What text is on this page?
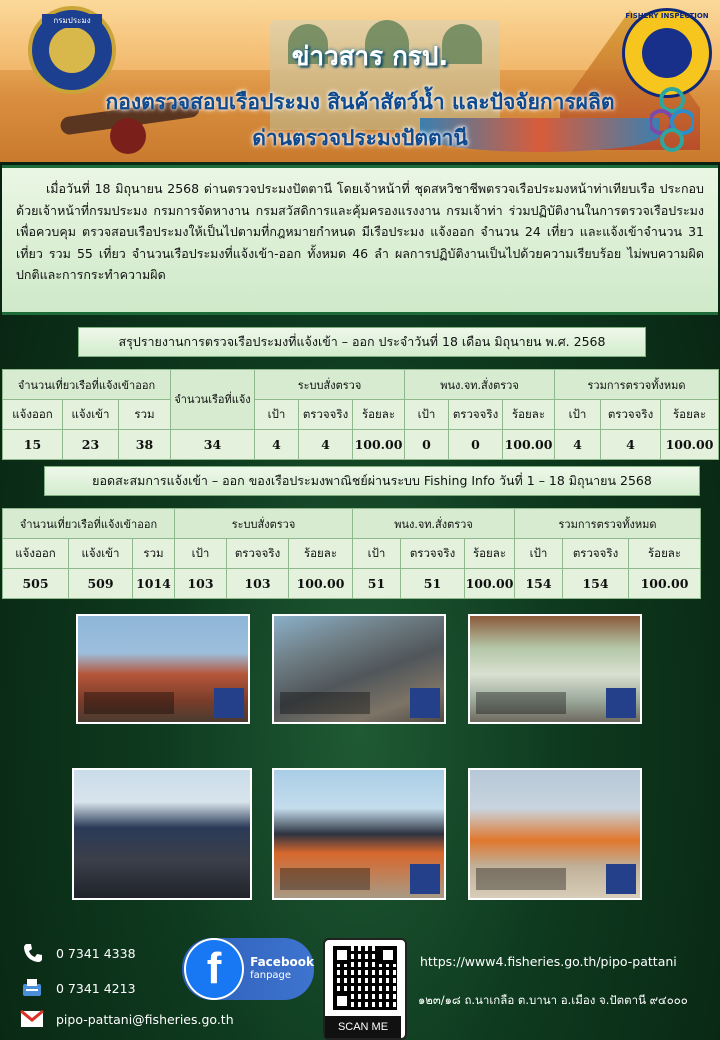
กรมประมง	FISHERY INSPECTION
ข่าวสาร กรป.
กองตรวจสอบเรือประมง สินค้าสัตว์น้ำ และปัจจัยการผลิต
ด่านตรวจประมงปัตตานี
เมื่อวันที่ 18 มิถุนายน 2568 ด่านตรวจประมงปัตตานี โดยเจ้าหน้าที่ ชุดสหวิชาชีพตรวจเรือประมงหน้าท่าเทียบเรือ ประกอบด้วยเจ้าหน้าที่กรมประมง กรมการจัดหางาน กรมสวัสดิการและคุ้มครองแรงงาน กรมเจ้าท่า ร่วมปฏิบัติงานในการตรวจเรือประมง เพื่อควบคุม ตรวจสอบเรือประมงให้เป็นไปตามที่กฎหมายกำหนด มีเรือประมง แจ้งออก จำนวน 24 เที่ยว และแจ้งเข้าจำนวน 31 เที่ยว รวม 55 เที่ยว จำนวนเรือประมงที่แจ้งเข้า-ออก ทั้งหมด 46 ลำ ผลการปฏิบัติงานเป็นไปด้วยความเรียบร้อย ไม่พบความผิดปกติและการกระทำความผิด
สรุปรายงานการตรวจเรือประมงที่แจ้งเข้า – ออก ประจำวันที่ 18 เดือน มิถุนายน พ.ศ. 2568
จำนวนเที่ยวเรือที่แจ้งเข้าออก			จำนวนเรือที่แจ้ง	ระบบสั่งตรวจ			พนง.จท.สั่งตรวจ			รวมการตรวจทั้งหมด		
แจ้งออก	แจ้งเข้า	รวม		เป้า	ตรวจจริง	ร้อยละ	เป้า	ตรวจจริง	ร้อยละ	เป้า	ตรวจจริง	ร้อยละ
15	23	38	34	4	4	100.00	0	0	100.00	4	4	100.00
ยอดสะสมการแจ้งเข้า – ออก ของเรือประมงพาณิชย์ผ่านระบบ Fishing Info วันที่ 1 – 18 มิถุนายน 2568
จำนวนเที่ยวเรือที่แจ้งเข้าออก			ระบบสั่งตรวจ			พนง.จท.สั่งตรวจ			รวมการตรวจทั้งหมด		
แจ้งออก	แจ้งเข้า	รวม	เป้า	ตรวจจริง	ร้อยละ	เป้า	ตรวจจริง	ร้อยละ	เป้า	ตรวจจริง	ร้อยละ
505	509	1014	103	103	100.00	51	51	100.00	154	154	100.00
0 7341 4338
0 7341 4213
pipo-pattani@fisheries.go.th
f	Facebook
fanpage
SCAN ME
https://www4.fisheries.go.th/pipo-pattani
๑๒๓/๑๘ ถ.นาเกลือ ต.บานา อ.เมือง จ.ปัตตานี ๙๔๐๐๐
